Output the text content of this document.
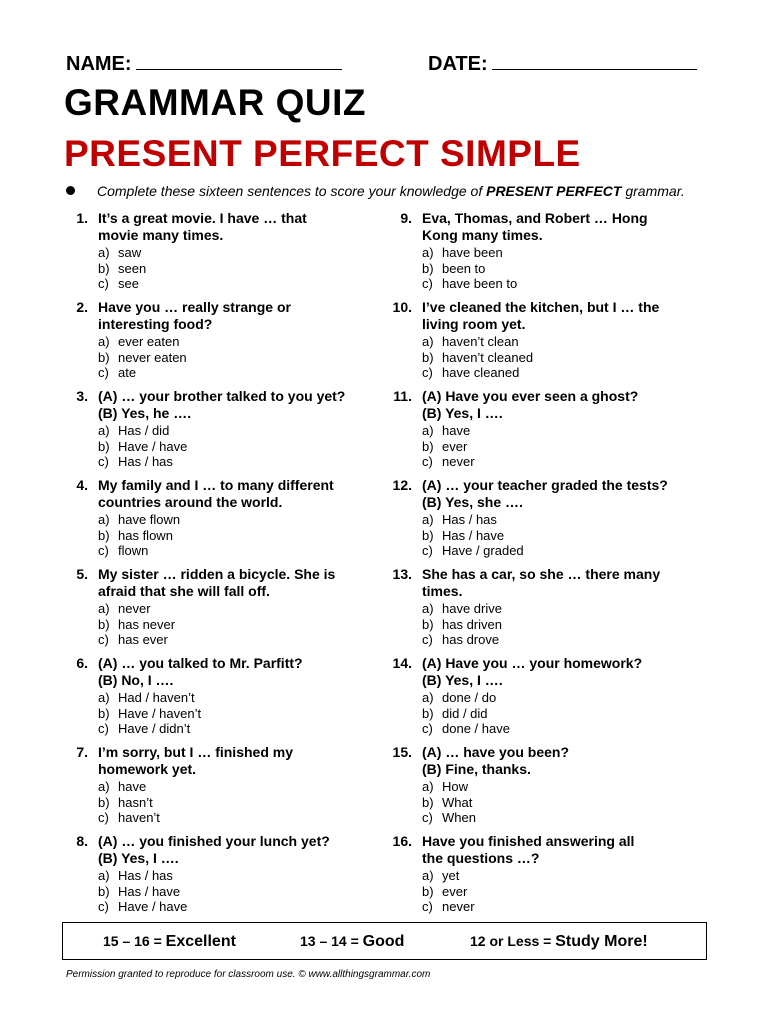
NAME:	DATE:
GRAMMAR QUIZ
PRESENT PERFECT SIMPLE
Complete these sixteen sentences to score your knowledge of PRESENT PERFECT grammar.
1. It’s a great movie. I have … that
movie many times.
a) saw
b) seen
c) see
2. Have you … really strange or
interesting food?
a) ever eaten
b) never eaten
c) ate
3. (A) … your brother talked to you yet?
(B) Yes, he ….
a) Has / did
b) Have / have
c) Has / has
4. My family and I … to many different
countries around the world.
a) have flown
b) has flown
c) flown
5. My sister … ridden a bicycle. She is
afraid that she will fall off.
a) never
b) has never
c) has ever
6. (A) … you talked to Mr. Parfitt?
(B) No, I ….
a) Had / haven’t
b) Have / haven’t
c) Have / didn’t
7. I’m sorry, but I … finished my
homework yet.
a) have
b) hasn’t
c) haven’t
8. (A) … you finished your lunch yet?
(B) Yes, I ….
a) Has / has
b) Has / have
c) Have / have
9. Eva, Thomas, and Robert … Hong
Kong many times.
a) have been
b) been to
c) have been to
10. I’ve cleaned the kitchen, but I … the
living room yet.
a) haven’t clean
b) haven’t cleaned
c) have cleaned
11. (A) Have you ever seen a ghost?
(B) Yes, I ….
a) have
b) ever
c) never
12. (A) … your teacher graded the tests?
(B) Yes, she ….
a) Has / has
b) Has / have
c) Have / graded
13. She has a car, so she … there many
times.
a) have drive
b) has driven
c) has drove
14. (A) Have you … your homework?
(B) Yes, I ….
a) done / do
b) did / did
c) done / have
15. (A) … have you been?
(B) Fine, thanks.
a) How
b) What
c) When
16. Have you finished answering all
the questions …?
a) yet
b) ever
c) never
15 – 16 = Excellent	13 – 14 = Good	12 or Less = Study More!
Permission granted to reproduce for classroom use. © www.allthingsgrammar.com
